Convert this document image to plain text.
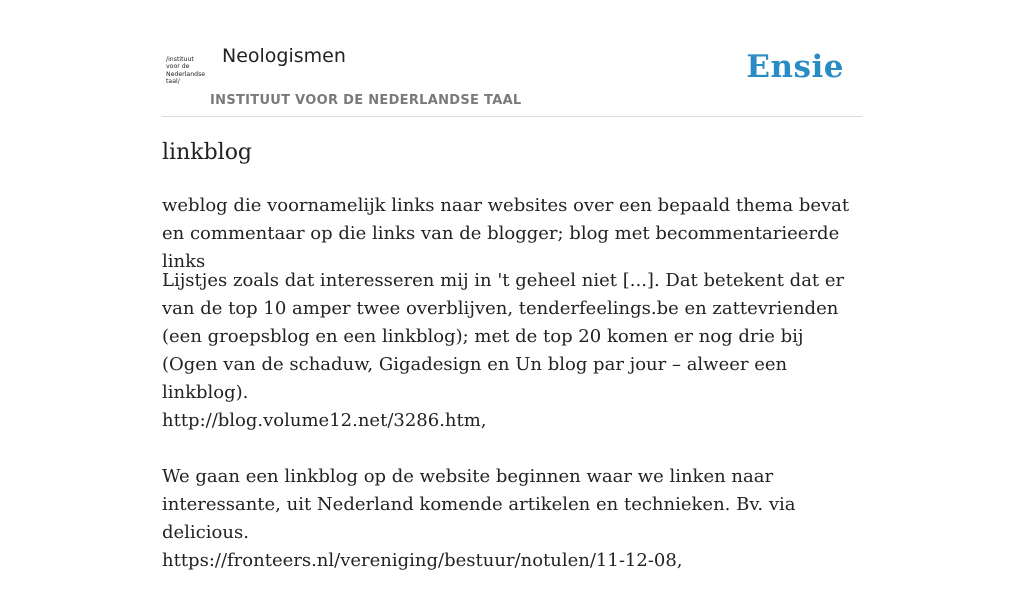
/instituut
voor de
Nederlandse
taal/
Neologismen
INSTITUUT VOOR DE NEDERLANDSE TAAL
Ensie
linkblog

weblog die voornamelijk links naar websites over een bepaald thema bevat en commentaar op die links van de blogger; blog met becommentarieerde links

Lijstjes zoals dat interesseren mij in 't geheel niet [...]. Dat betekent dat er van de top 10 amper twee overblijven, tenderfeelings.be en zattevrienden (een groepsblog en een linkblog); met de top 20 komen er nog drie bij (Ogen van de schaduw, Gigadesign en Un blog par jour – alweer een linkblog).
http://blog.volume12.net/3286.htm,
We gaan een linkblog op de website beginnen waar we linken naar interessante, uit Nederland komende artikelen en technieken. Bv. via delicious.
https://fronteers.nl/vereniging/bestuur/notulen/11-12-08,
